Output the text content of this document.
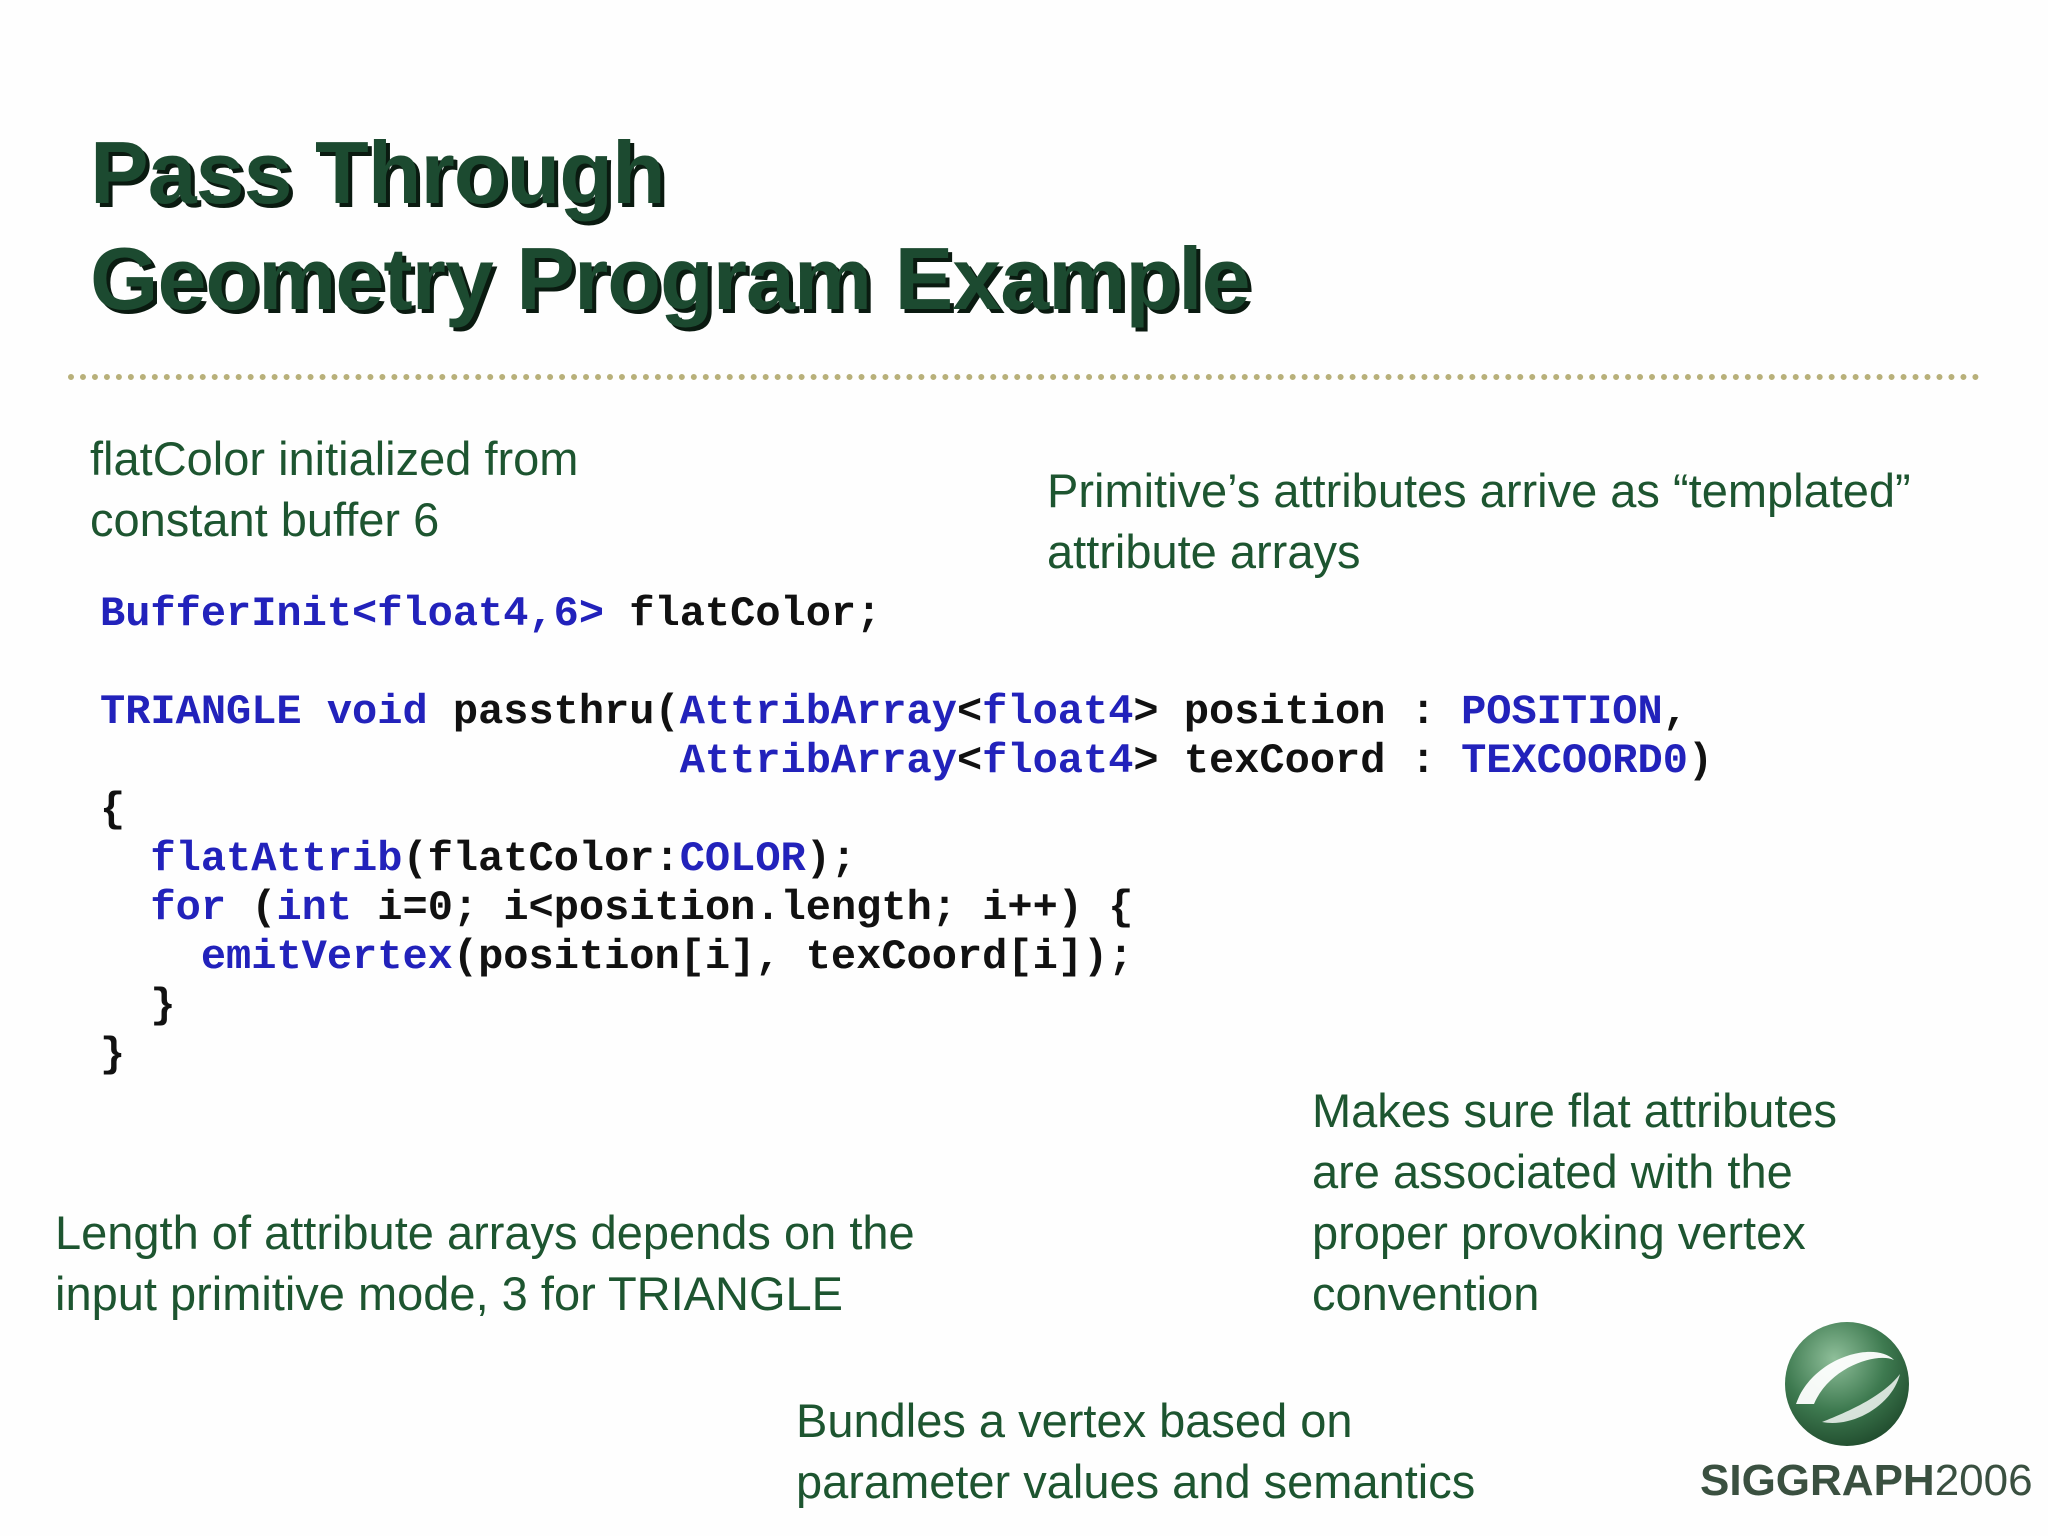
Pass Through
Geometry Program Example
flatColor initialized from
constant buffer 6
Primitive’s attributes arrive as “templated”
attribute arrays
BufferInit<float4,6> flatColor;
TRIANGLE void passthru(AttribArray<float4> position : POSITION,
AttribArray<float4> texCoord : TEXCOORD0)
{
flatAttrib(flatColor:COLOR);
for (int i=0; i<position.length; i++) {
emitVertex(position[i], texCoord[i]);
}
}
Makes sure flat attributes
are associated with the
proper provoking vertex
convention
Length of attribute arrays depends on the
input primitive mode, 3 for TRIANGLE
Bundles a vertex based on
parameter values and semantics	SIGGRAPH2006
